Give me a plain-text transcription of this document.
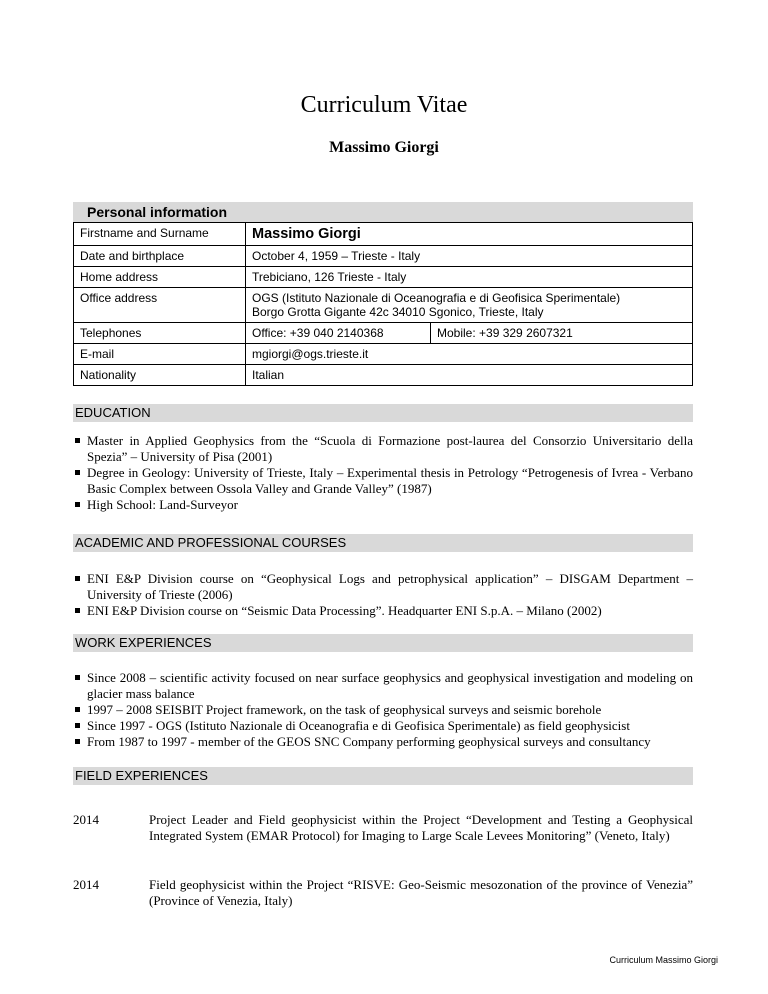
Curriculum Vitae
Massimo Giorgi
Personal information
Firstname and Surname	Massimo Giorgi	
Date and birthplace	October 4, 1959 – Trieste - Italy	
Home address	Trebiciano, 126 Trieste - Italy	
Office address	OGS (Istituto Nazionale di Oceanografia e di Geofisica Sperimentale)
Borgo Grotta Gigante 42c 34010 Sgonico, Trieste, Italy	

Telephones	Office: +39 040 2140368	Mobile: +39 329 2607321
E-mail	mgiorgi@ogs.trieste.it	
Nationality	Italian	
EDUCATION
Master in Applied Geophysics from the “Scuola di Formazione post-laurea del Consorzio Universitario della Spezia” – University of Pisa (2001)
Degree in Geology: University of Trieste, Italy – Experimental thesis in Petrology “Petrogenesis of Ivrea - Verbano Basic Complex between Ossola Valley and Grande Valley” (1987)
High School: Land-Surveyor
ACADEMIC AND PROFESSIONAL COURSES
ENI E&P Division course on “Geophysical Logs and petrophysical application” – DISGAM Department – University of Trieste (2006)
ENI E&P Division course on “Seismic Data Processing”. Headquarter ENI S.p.A. – Milano (2002)
WORK EXPERIENCES
Since 2008 – scientific activity focused on near surface geophysics and geophysical investigation and modeling on glacier mass balance
1997 – 2008 SEISBIT Project framework, on the task of geophysical surveys and seismic borehole
Since 1997 - OGS (Istituto Nazionale di Oceanografia e di Geofisica Sperimentale) as field geophysicist
From 1987 to 1997 - member of the GEOS SNC Company performing geophysical surveys and consultancy
FIELD EXPERIENCES
2014	Project Leader and Field geophysicist within the Project “Development and Testing a Geophysical Integrated System (EMAR Protocol) for Imaging to Large Scale Levees Monitoring” (Veneto, Italy)
2014	Field geophysicist within the Project “RISVE: Geo-Seismic mesozonation of the province of Venezia” (Province of Venezia, Italy)
Curriculum Massimo Giorgi
